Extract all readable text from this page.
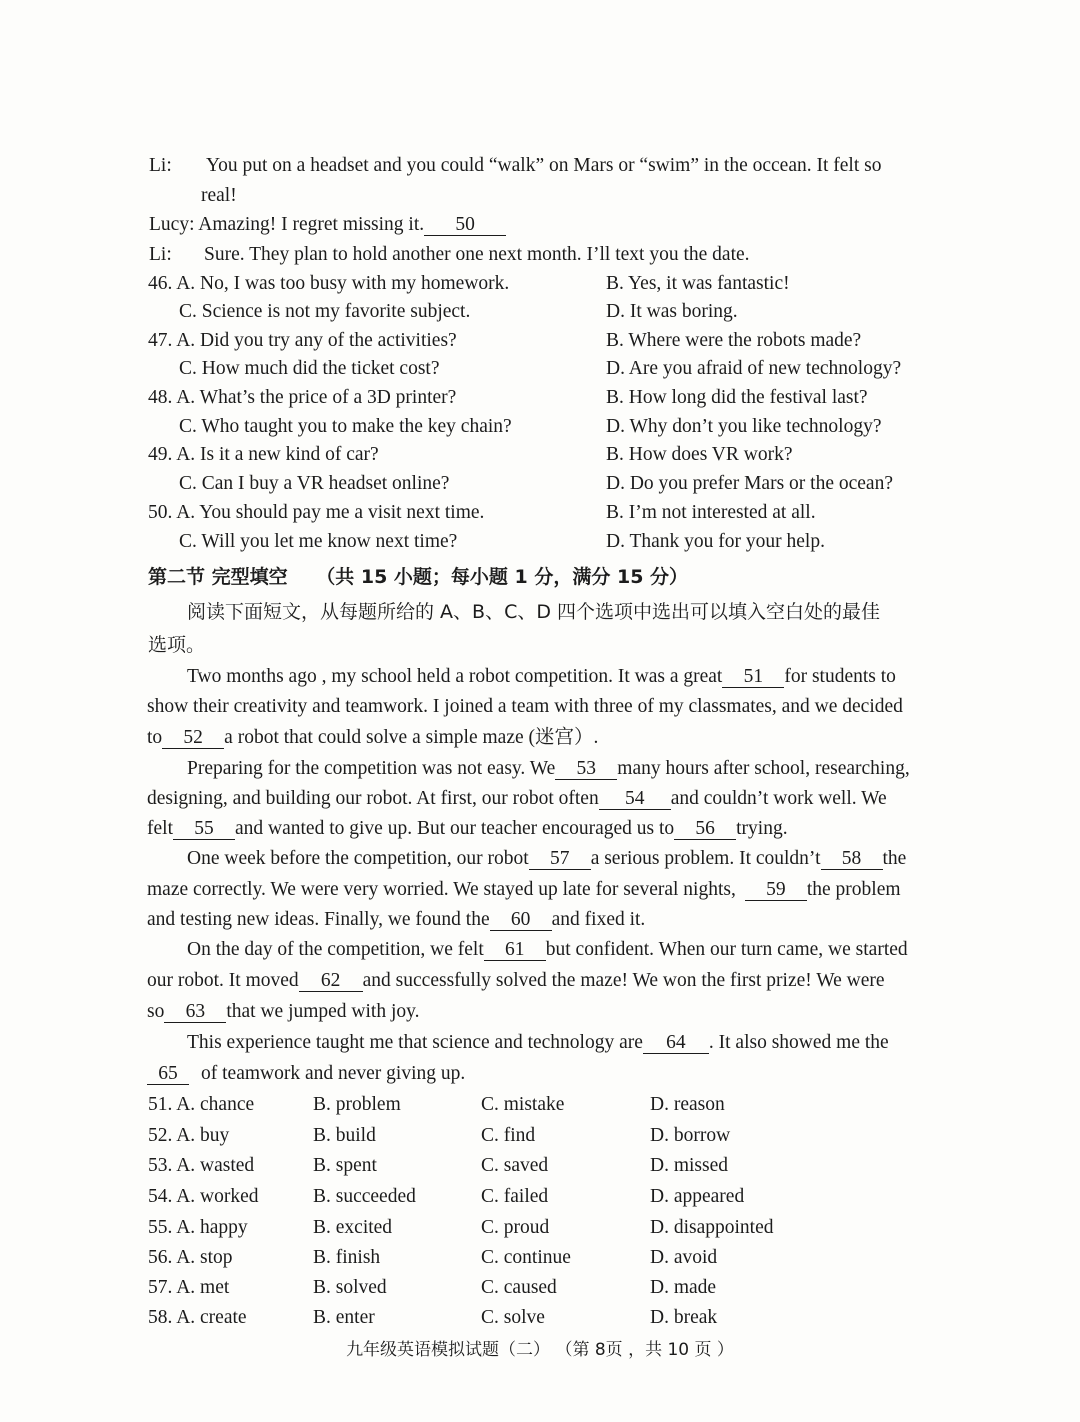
Li: You put on a headset and you could “walk” on Mars or “swim” in the occean. It felt so
real!
Lucy: Amazing! I regret missing it. 50
Li: Sure. They plan to hold another one next month. I’ll text you the date.
46. A. No, I was too busy with my homework.	B. Yes, it was fantastic!
C. Science is not my favorite subject.	D. It was boring.
47. A. Did you try any of the activities?	B. Where were the robots made?
C. How much did the ticket cost?	D. Are you afraid of new technology?
48. A. What’s the price of a 3D printer?	B. How long did the festival last?
C. Who taught you to make the key chain?	D. Why don’t you like technology?
49. A. Is it a new kind of car?	B. How does VR work?
C. Can I buy a VR headset online?	D. Do you prefer Mars or the ocean?
50. A. You should pay me a visit next time.	B. I’m not interested at all.
C. Will you let me know next time?	D. Thank you for your help.
第二节 完型填空 （共 15 小题；每小题 1 分，满分 15 分）
阅读下面短文，从每题所给的 A、B、C、D 四个选项中选出可以填入空白处的最佳
选项。
Two months ago , my school held a robot competition. It was a great 51 for students to
show their creativity and teamwork. I joined a team with three of my classmates, and we decided
to 52 a robot that could solve a simple maze (迷宫）.
Preparing for the competition was not easy. We 53 many hours after school, researching,
designing, and building our robot. At first, our robot often 54 and couldn’t work well. We
felt 55 and wanted to give up. But our teacher encouraged us to 56 trying.
One week before the competition, our robot 57 a serious problem. It couldn’t 58 the
maze correctly. We were very worried. We stayed up late for several nights, 59 the problem
and testing new ideas. Finally, we found the 60 and fixed it.
On the day of the competition, we felt 61 but confident. When our turn came, we started
our robot. It moved 62 and successfully solved the maze! We won the first prize! We were
so 63 that we jumped with joy.
This experience taught me that science and technology are 64 . It also showed me the
65 of teamwork and never giving up.
51. A. chance	B. problem	C. mistake	D. reason
52. A. buy	B. build	C. find	D. borrow
53. A. wasted	B. spent	C. saved	D. missed
54. A. worked	B. succeeded	C. failed	D. appeared
55. A. happy	B. excited	C. proud	D. disappointed
56. A. stop	B. finish	C. continue	D. avoid
57. A. met	B. solved	C. caused	D. made
58. A. create	B. enter	C. solve	D. break
九年级英语模拟试题（二） （第 8页 ，共 10 页 ）
